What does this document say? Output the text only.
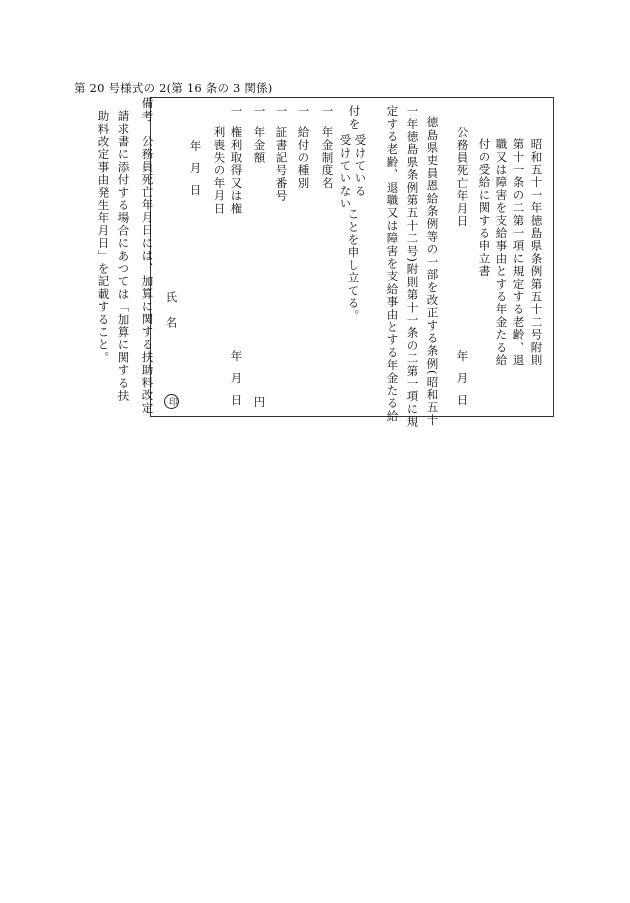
第 20 号様式の 2(第 16 条の 3 関係)
昭和五十一年徳島県条例第五十二号附則
第十一条の二第一項に規定する老齢、退
職又は障害を支給事由とする年金たる給
付の受給に関する申立書
公務員死亡年月日
年
月
日
徳島県吏員恩給条例等の一部を改正する条例(昭和五十
一年徳島県条例第五十二号)附則第十一条の二第一項に規
定する老齢、退職又は障害を支給事由とする年金たる給
付を
受けている
受けていない
ことを申し立てる。
一
年金制度名
一
給付の種別
一
証書記号番号
一
年金額
円
一
権利取得又は権
利喪失の年月日
年
月
日
年
月
日
氏　名
印
備考　公務員死亡年月日には、加算に関する扶助料改定
請求書に添付する場合にあつては「加算に関する扶
助料改定事由発生年月日」を記載すること。
